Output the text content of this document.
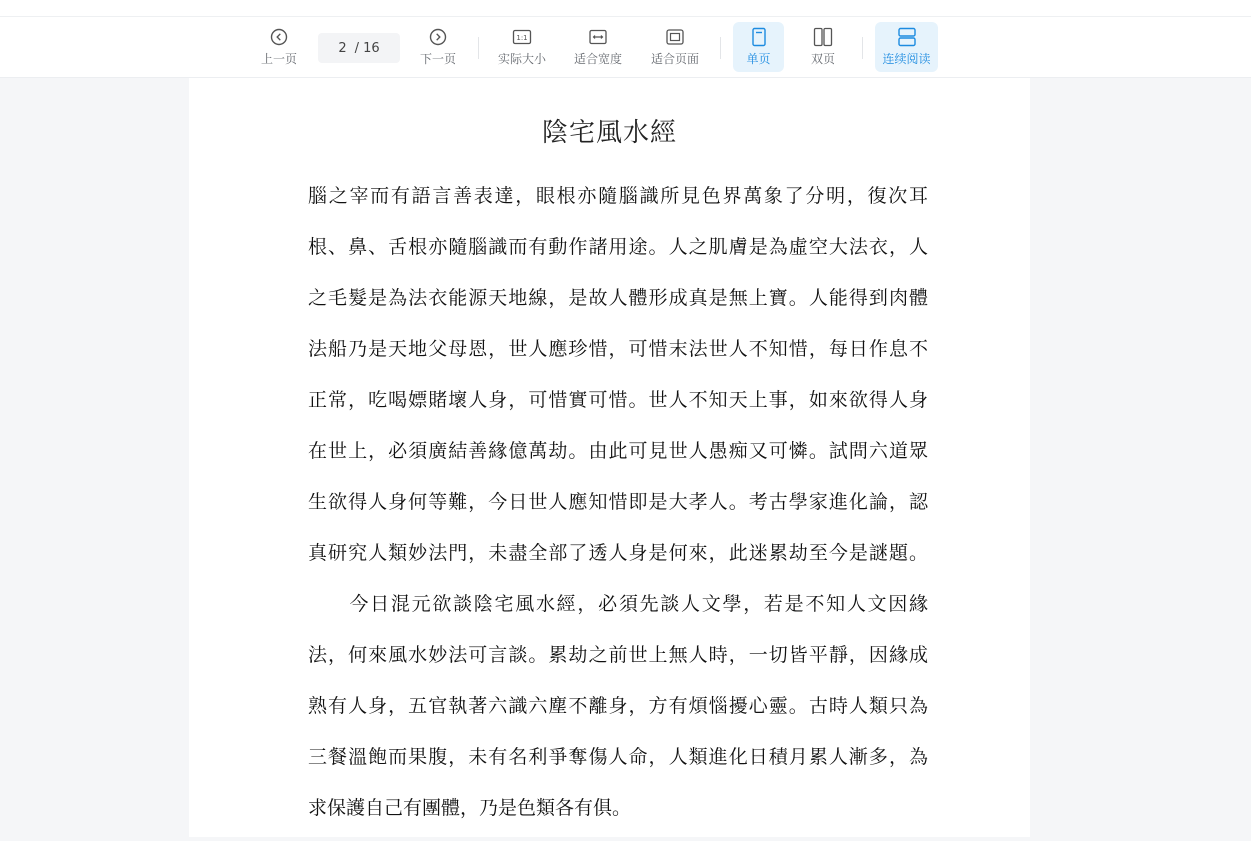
上一页
2 / 16
下一页
1:1
实际大小 适合宽度 适合页面	单页	双页	连续阅读
陰宅風水經
腦之宰而有語言善表達，眼根亦隨腦識所見色界萬象了分明，復次耳
根、鼻、舌根亦隨腦識而有動作諸用途。人之肌膚是為虛空大法衣，人
之毛髮是為法衣能源天地線，是故人體形成真是無上寶。人能得到肉體
法船乃是天地父母恩，世人應珍惜，可惜末法世人不知惜，每日作息不
正常，吃喝嫖賭壞人身，可惜實可惜。世人不知天上事，如來欲得人身
在世上，必須廣結善緣億萬劫。由此可見世人愚痴又可憐。試問六道眾
生欲得人身何等難，今日世人應知惜即是大孝人。考古學家進化論，認
真研究人類妙法門，未盡全部了透人身是何來，此迷累劫至今是謎題。
　　今日混元欲談陰宅風水經，必須先談人文學，若是不知人文因緣
法，何來風水妙法可言談。累劫之前世上無人時，一切皆平靜，因緣成
熟有人身，五官執著六識六塵不離身，方有煩惱擾心靈。古時人類只為
三餐溫飽而果腹，未有名利爭奪傷人命，人類進化日積月累人漸多，為
求保護自己有團體，乃是色類各有俱。
